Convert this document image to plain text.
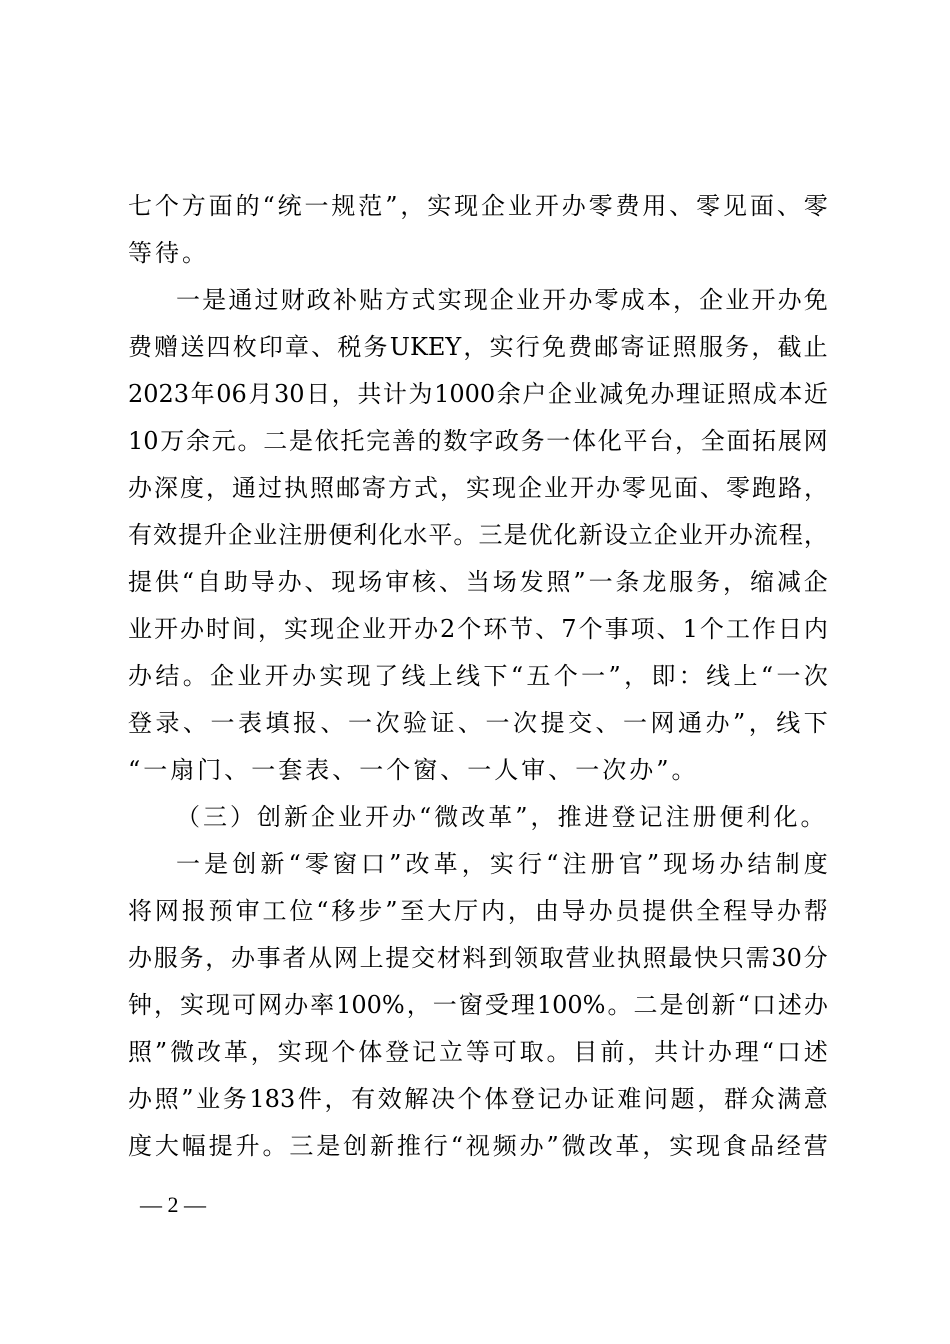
七 个 方 面 的 “ 统 一 规 范 ” ， 实 现 企 业 开 办 零 费 用 、 零 见 面 、 零
等待。
一 是 通 过 财 政 补 贴 方 式 实 现 企 业 开 办 零 成 本 ， 企 业 开 办 免
费 赠 送 四 枚 印 章 、 税 务 UKEY ， 实 行 免 费 邮 寄 证 照 服 务 ， 截 止
2023 年 06 月 30 日 ， 共 计 为 1000 余 户 企 业 减 免 办 理 证 照 成 本 近
10 万 余 元 。 二 是 依 托 完 善 的 数 字 政 务 一 体 化 平 台 ， 全 面 拓 展 网
办 深 度 ， 通 过 执 照 邮 寄 方 式 ， 实 现 企 业 开 办 零 见 面 、 零 跑 路 ，
有 效 提 升 企 业 注 册 便 利 化 水 平 。 三 是 优 化 新 设 立 企 业 开 办 流 程 ，
提 供 “ 自 助 导 办 、 现 场 审 核 、 当 场 发 照 ” 一 条 龙 服 务 ， 缩 减 企
业 开 办 时 间 ， 实 现 企 业 开 办 2 个 环 节 、 7 个 事 项 、 1 个 工 作 日 内
办 结 。 企 业 开 办 实 现 了 线 上 线 下 “ 五 个 一 ” ， 即 ： 线 上 “ 一 次
登 录 、 一 表 填 报 、 一 次 验 证 、 一 次 提 交 、 一 网 通 办 ” ， 线 下
“一扇门、一套表、一个窗、一人审、一次办”。
（三）创新企业开办“微改革”，推进登记注册便利化。
一 是 创 新 “ 零 窗 口 ” 改 革 ， 实 行 “ 注 册 官 ” 现 场 办 结 制 度
将 网 报 预 审 工 位 “ 移 步 ” 至 大 厅 内 ， 由 导 办 员 提 供 全 程 导 办 帮
办 服 务 ， 办 事 者 从 网 上 提 交 材 料 到 领 取 营 业 执 照 最 快 只 需 30 分
钟 ， 实 现 可 网 办 率 100% ， 一 窗 受 理 100% 。 二 是 创 新 “ 口 述 办
照 ” 微 改 革 ， 实 现 个 体 登 记 立 等 可 取 。 目 前 ， 共 计 办 理 “ 口 述
办 照 ” 业 务 183 件 ， 有 效 解 决 个 体 登 记 办 证 难 问 题 ， 群 众 满 意
度 大 幅 提 升 。 三 是 创 新 推 行 “ 视 频 办 ” 微 改 革 ， 实 现 食 品 经 营
— 2 —
